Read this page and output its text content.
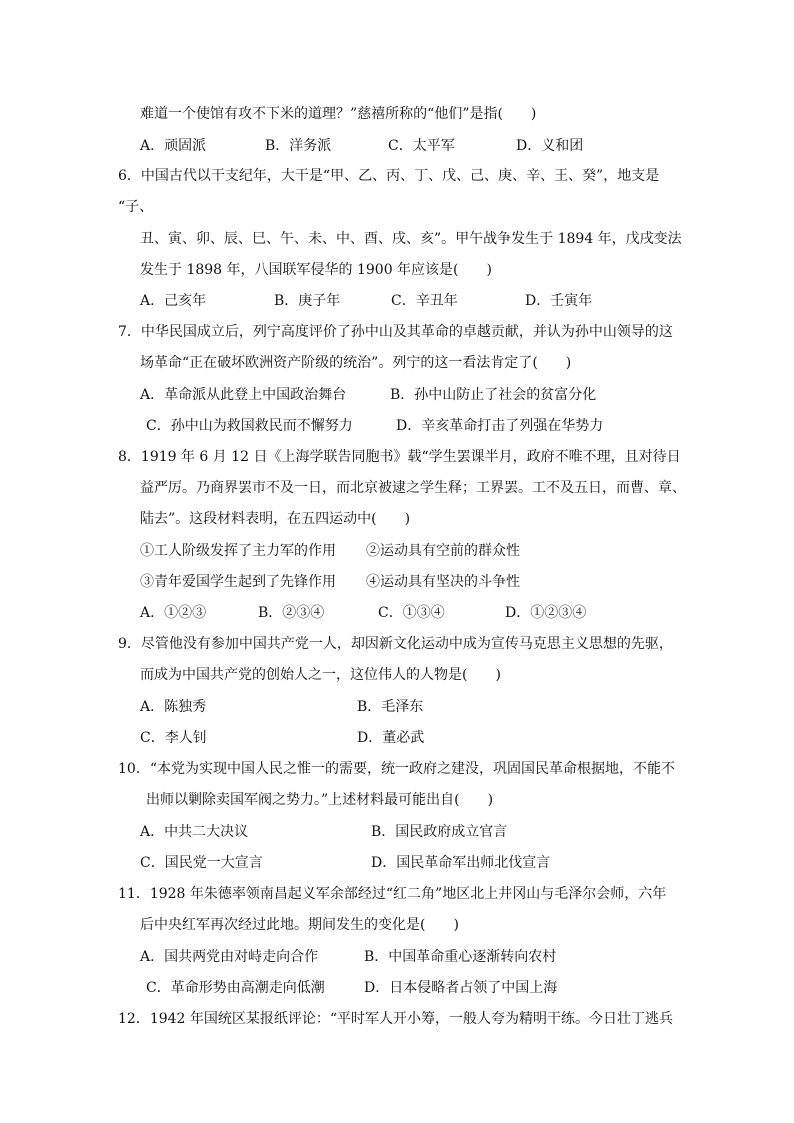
难道一个使馆有攻不下米的道理？”慈禧所称的“他们”是指(　　)
A．顽固派	B．洋务派	C．太平军	D．义和团
6．中国古代以干支纪年，大干是“甲、乙、丙、丁、戊、己、庚、辛、王、癸”，地支是
“子、
丑、寅、卯、辰、巳、午、未、中、酉、戌、亥”。甲午战争发生于 1894 年，戊戌变法
发生于 1898 年，八国联军侵华的 1900 年应该是(　　)
A．己亥年	B．庚子年	C．辛丑年	D．壬寅年
7．中华民国成立后，列宁高度评价了孙中山及其革命的卓越贡献，并认为孙中山领导的这
场革命“正在破坏欧洲资产阶级的统治”。列宁的这一看法肯定了(　　)
A．革命派从此登上中国政治舞台	B．孙中山防止了社会的贫富分化
C．孙中山为救国救民而不懈努力	D．辛亥革命打击了列强在华势力
8．1919 年 6 月 12 日《上海学联告同胞书》载“学生罢课半月，政府不唯不理，且对待日
益严厉。乃商界罢市不及一日，而北京被逮之学生释；工界罢。工不及五日，而曹、章、
陆去”。这段材料表明，在五四运动中(　　)
①工人阶级发挥了主力军的作用 ②运动具有空前的群众性
③青年爱国学生起到了先锋作用 ④运动具有坚决的斗争性
A．①②③	B．②③④	C．①③④	D．①②③④
9．尽管他没有参加中国共产党一人，却因新文化运动中成为宣传马克思主义思想的先驱，
而成为中国共产党的创始人之一，这位伟人的人物是(　　)
A．陈独秀	B．毛泽东
C．李人钊	D．董必武
10．“本党为实现中国人民之惟一的需要，统一政府之建没，巩固国民革命根据地，不能不
出师以剿除卖国军阀之势力。”上述材料最可能出自(　　)
A．中共二大决议	B．国民政府成立官言
C．国民党一大宣言	D．国民革命军出师北伐宣言
11．1928 年朱德率领南昌起义军余部经过“红二角”地区北上井冈山与毛泽尔会师，六年
后中央红军再次经过此地。期间发生的变化是(　　)
A．国共两党由对峙走向合作	B．中国革命重心逐渐转向农村
C．革命形势由高潮走向低潮	D．日本侵略者占领了中国上海
12．1942 年国统区某报纸评论：“平时军人开小筹，一般人夸为精明干练。今日壮丁逃兵
